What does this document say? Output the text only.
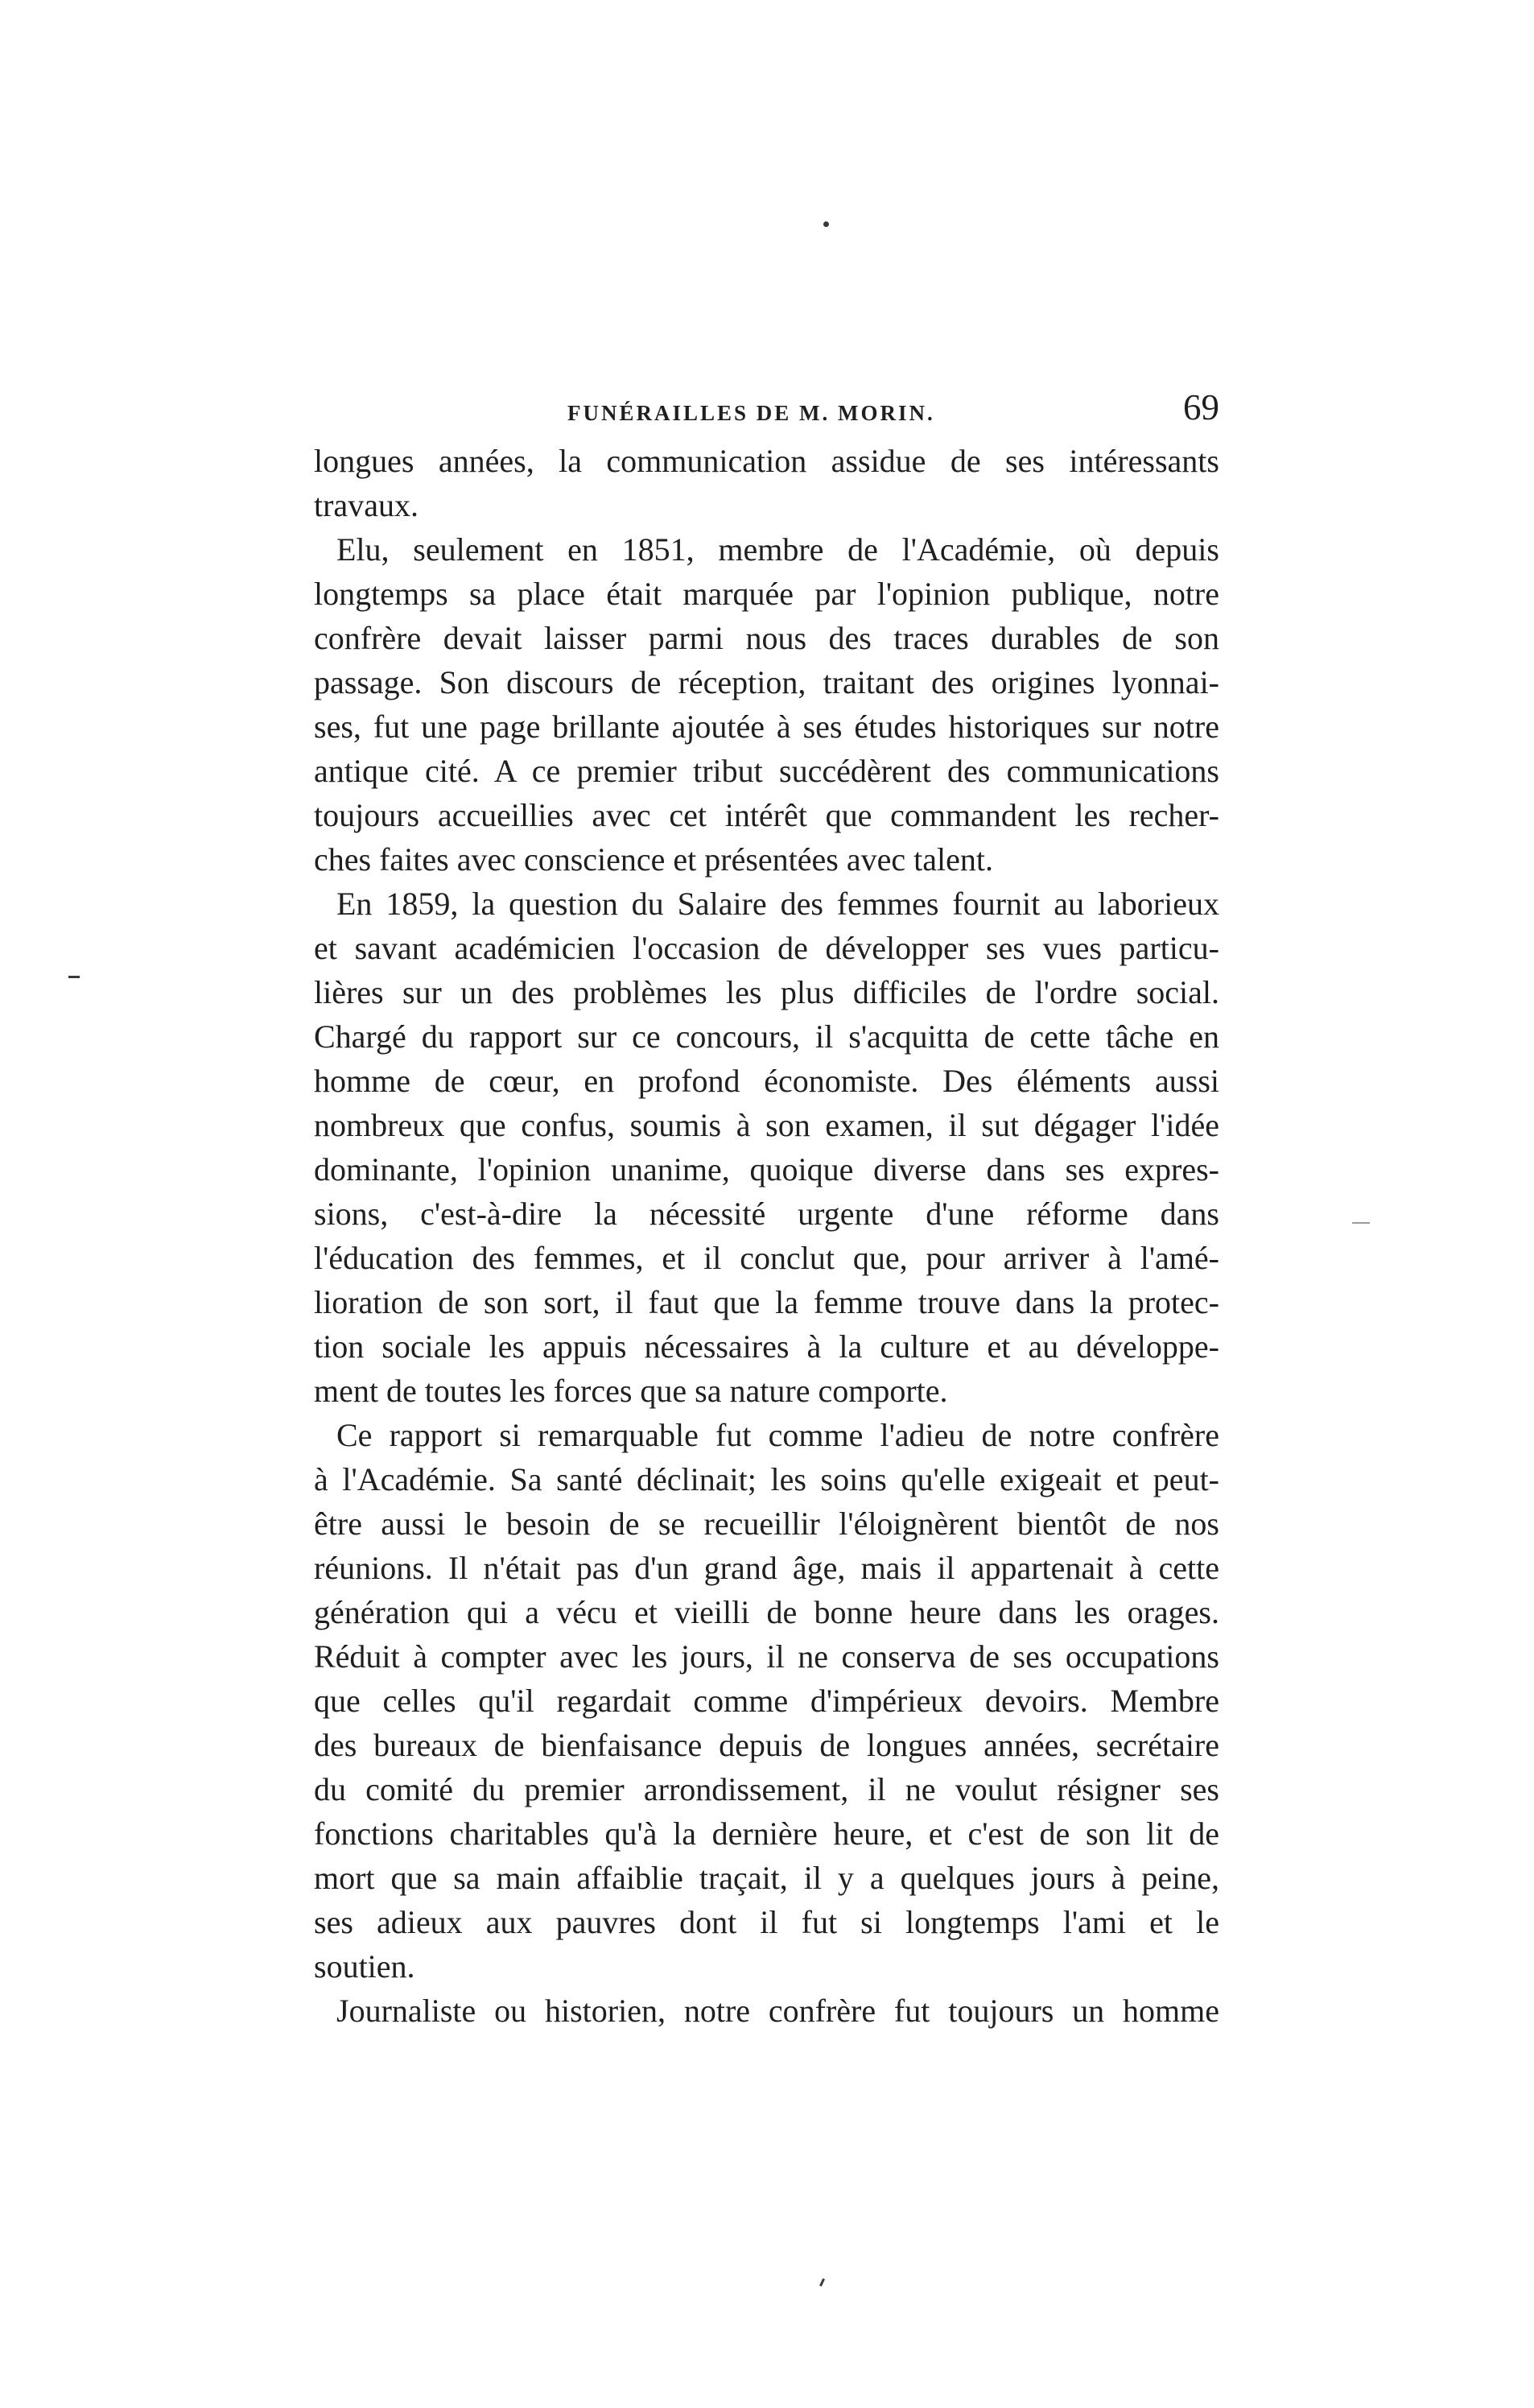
FUNÉRAILLES DE M. MORIN.	69
longues années, la communication assidue de ses intéressants
travaux.
Elu, seulement en 1851, membre de l'Académie, où depuis
longtemps sa place était marquée par l'opinion publique, notre
confrère devait laisser parmi nous des traces durables de son
passage. Son discours de réception, traitant des origines lyonnai-
ses, fut une page brillante ajoutée à ses études historiques sur notre
antique cité. A ce premier tribut succédèrent des communications
toujours accueillies avec cet intérêt que commandent les recher-
ches faites avec conscience et présentées avec talent.
En 1859, la question du Salaire des femmes fournit au laborieux
et savant académicien l'occasion de développer ses vues particu-
lières sur un des problèmes les plus difficiles de l'ordre social.
Chargé du rapport sur ce concours, il s'acquitta de cette tâche en
homme de cœur, en profond économiste. Des éléments aussi
nombreux que confus, soumis à son examen, il sut dégager l'idée
dominante, l'opinion unanime, quoique diverse dans ses expres-
sions, c'est-à-dire la nécessité urgente d'une réforme dans
l'éducation des femmes, et il conclut que, pour arriver à l'amé-
lioration de son sort, il faut que la femme trouve dans la protec-
tion sociale les appuis nécessaires à la culture et au développe-
ment de toutes les forces que sa nature comporte.
Ce rapport si remarquable fut comme l'adieu de notre confrère
à l'Académie. Sa santé déclinait; les soins qu'elle exigeait et peut-
être aussi le besoin de se recueillir l'éloignèrent bientôt de nos
réunions. Il n'était pas d'un grand âge, mais il appartenait à cette
génération qui a vécu et vieilli de bonne heure dans les orages.
Réduit à compter avec les jours, il ne conserva de ses occupations
que celles qu'il regardait comme d'impérieux devoirs. Membre
des bureaux de bienfaisance depuis de longues années, secrétaire
du comité du premier arrondissement, il ne voulut résigner ses
fonctions charitables qu'à la dernière heure, et c'est de son lit de
mort que sa main affaiblie traçait, il y a quelques jours à peine,
ses adieux aux pauvres dont il fut si longtemps l'ami et le
soutien.
Journaliste ou historien, notre confrère fut toujours un homme
